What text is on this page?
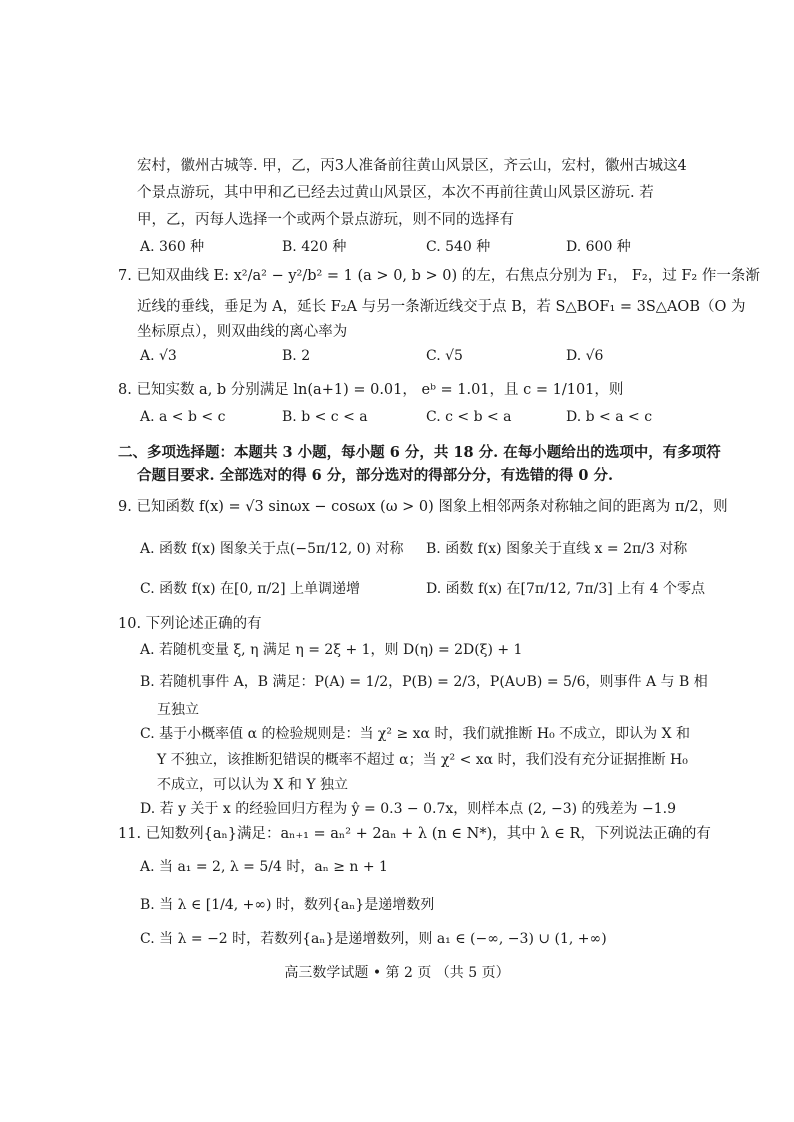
宏村，徽州古城等. 甲，乙，丙3人准备前往黄山风景区，齐云山，宏村，徽州古城这4
个景点游玩，其中甲和乙已经去过黄山风景区，本次不再前往黄山风景区游玩. 若
甲，乙，丙每人选择一个或两个景点游玩，则不同的选择有
A. 360 种	B. 420 种	C. 540 种	D. 600 种
7. 已知双曲线 E: x²/a² − y²/b² = 1 (a > 0, b > 0) 的左，右焦点分别为 F₁， F₂，过 F₂ 作一条渐
近线的垂线，垂足为 A，延长 F₂A 与另一条渐近线交于点 B，若 S△BOF₁ = 3S△AOB（O 为
坐标原点），则双曲线的离心率为
A. √3	B. 2	C. √5	D. √6
8. 已知实数 a, b 分别满足 ln(a+1) = 0.01， eᵇ = 1.01，且 c = 1/101，则
A. a < b < c	B. b < c < a	C. c < b < a	D. b < a < c
二、多项选择题：本题共 3 小题，每小题 6 分，共 18 分. 在每小题给出的选项中，有多项符
合题目要求. 全部选对的得 6 分，部分选对的得部分分，有选错的得 0 分.
9. 已知函数 f(x) = √3 sinωx − cosωx (ω > 0) 图象上相邻两条对称轴之间的距离为 π/2，则
A. 函数 f(x) 图象关于点(−5π/12, 0) 对称 B. 函数 f(x) 图象关于直线 x = 2π/3 对称
C. 函数 f(x) 在[0, π/2] 上单调递增	D. 函数 f(x) 在[7π/12, 7π/3] 上有 4 个零点
10. 下列论述正确的有
A. 若随机变量 ξ, η 满足 η = 2ξ + 1，则 D(η) = 2D(ξ) + 1
B. 若随机事件 A，B 满足：P(A) = 1/2，P(B) = 2/3，P(A∪B) = 5/6，则事件 A 与 B 相
互独立
C. 基于小概率值 α 的检验规则是：当 χ² ≥ xα 时，我们就推断 H₀ 不成立，即认为 X 和
Y 不独立，该推断犯错误的概率不超过 α；当 χ² < xα 时，我们没有充分证据推断 H₀
不成立，可以认为 X 和 Y 独立
D. 若 y 关于 x 的经验回归方程为 ŷ = 0.3 − 0.7x，则样本点 (2, −3) 的残差为 −1.9
11. 已知数列{aₙ}满足：aₙ₊₁ = aₙ² + 2aₙ + λ (n ∈ N*)，其中 λ ∈ R，下列说法正确的有
A. 当 a₁ = 2, λ = 5/4 时，aₙ ≥ n + 1
B. 当 λ ∈ [1/4, +∞) 时，数列{aₙ}是递增数列
C. 当 λ = −2 时，若数列{aₙ}是递增数列，则 a₁ ∈ (−∞, −3) ∪ (1, +∞)
高三数学试题 • 第 2 页 （共 5 页）
